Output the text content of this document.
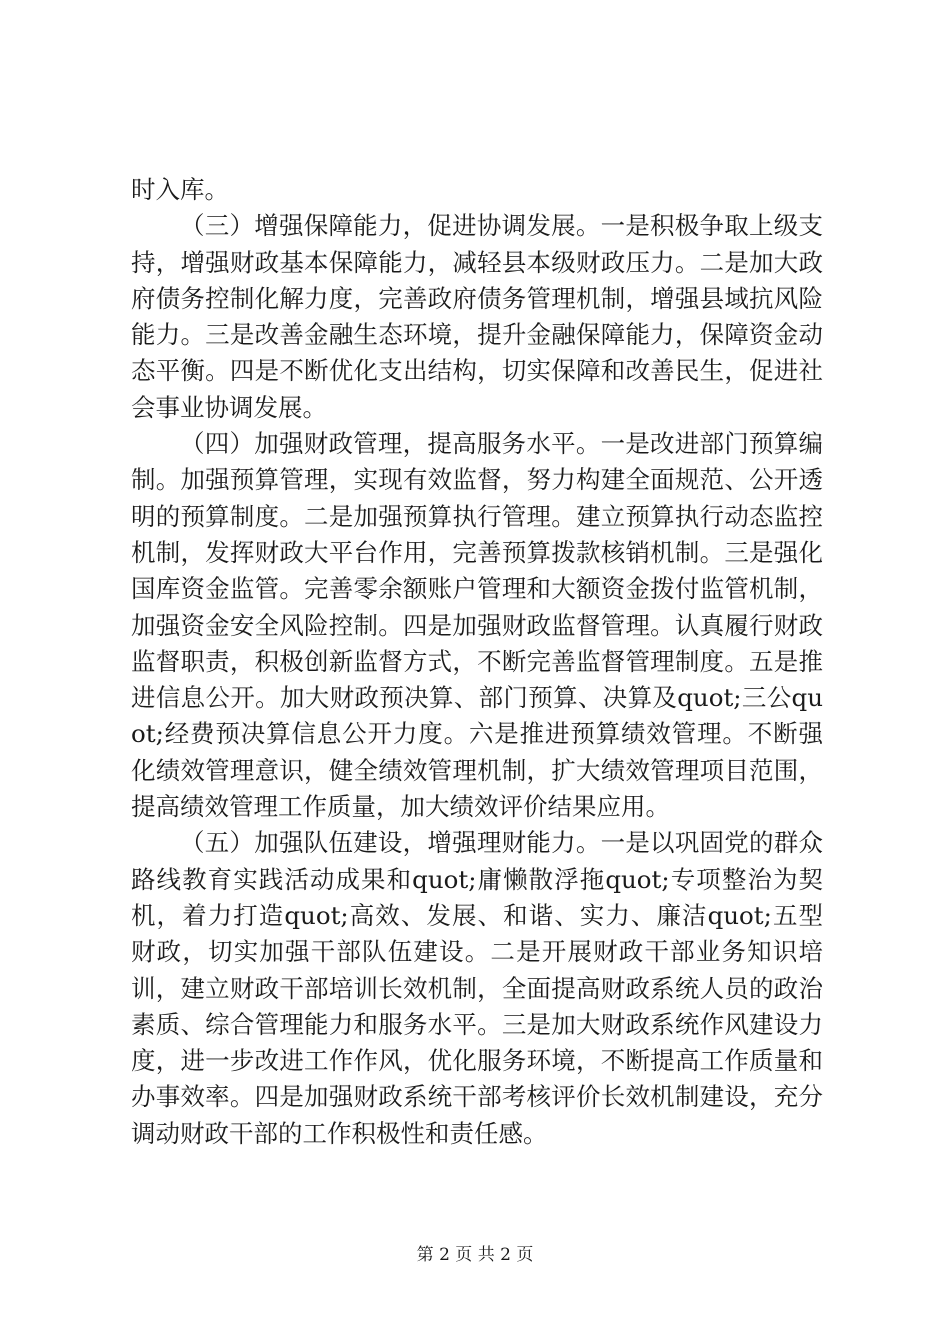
时入库。

（三）增强保障能力，促进协调发展。一是积极争取上级支持，增强财政基本保障能力，减轻县本级财政压力。二是加大政府债务控制化解力度，完善政府债务管理机制，增强县域抗风险能力。三是改善金融生态环境，提升金融保障能力，保障资金动态平衡。四是不断优化支出结构，切实保障和改善民生，促进社会事业协调发展。

（四）加强财政管理，提高服务水平。一是改进部门预算编制。加强预算管理，实现有效监督，努力构建全面规范、公开透明的预算制度。二是加强预算执行管理。建立预算执行动态监控机制，发挥财政大平台作用，完善预算拨款核销机制。三是强化国库资金监管。完善零余额账户管理和大额资金拨付监管机制，加强资金安全风险控制。四是加强财政监督管理。认真履行财政监督职责，积极创新监督方式，不断完善监督管理制度。五是推进信息公开。加大财政预决算、部门预算、决算及quot;三公quot;经费预决算信息公开力度。六是推进预算绩效管理。不断强化绩效管理意识，健全绩效管理机制，扩大绩效管理项目范围，提高绩效管理工作质量，加大绩效评价结果应用。

（五）加强队伍建设，增强理财能力。一是以巩固党的群众路线教育实践活动成果和quot;庸懒散浮拖quot;专项整治为契机，着力打造quot;高效、发展、和谐、实力、廉洁quot;五型财政，切实加强干部队伍建设。二是开展财政干部业务知识培训，建立财政干部培训长效机制，全面提高财政系统人员的政治素质、综合管理能力和服务水平。三是加大财政系统作风建设力度，进一步改进工作作风，优化服务环境，不断提高工作质量和办事效率。四是加强财政系统干部考核评价长效机制建设，充分调动财政干部的工作积极性和责任感。

第 2 页 共 2 页
